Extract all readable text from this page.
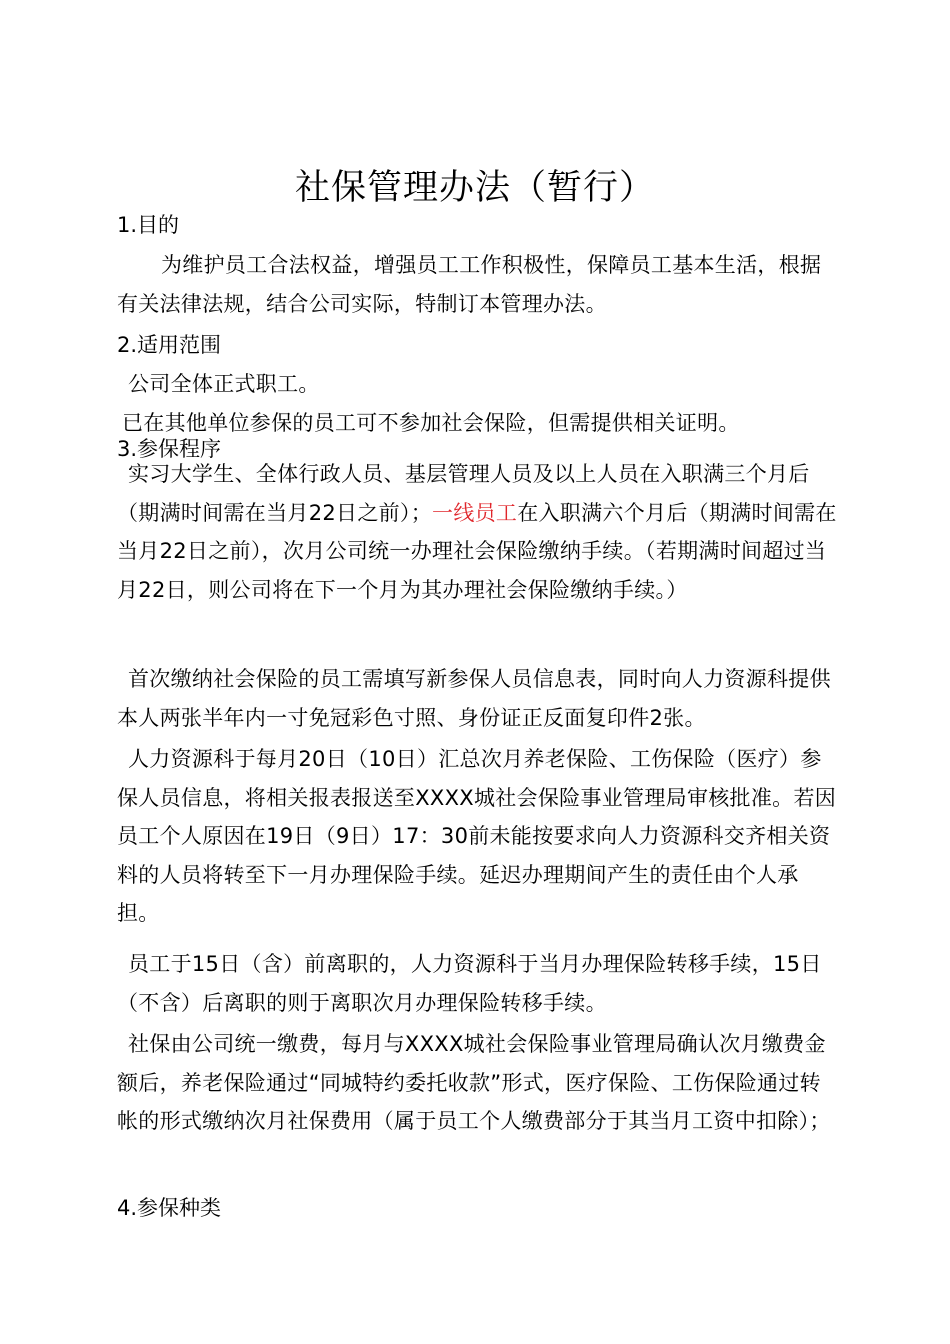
社保管理办法（暂行）
1.目的
为维护员工合法权益，增强员工工作积极性，保障员工基本生活，根据有关法律法规，结合公司实际，特制订本管理办法。
2.适用范围
公司全体正式职工。
已在其他单位参保的员工可不参加社会保险，但需提供相关证明。
3.参保程序
实习大学生、全体行政人员、基层管理人员及以上人员在入职满三个月后（期满时间需在当月22日之前）；一线员工在入职满六个月后（期满时间需在当月22日之前），次月公司统一办理社会保险缴纳手续。（若期满时间超过当月22日，则公司将在下一个月为其办理社会保险缴纳手续。）
首次缴纳社会保险的员工需填写新参保人员信息表，同时向人力资源科提供本人两张半年内一寸免冠彩色寸照、身份证正反面复印件2张。
人力资源科于每月20日（10日）汇总次月养老保险、工伤保险（医疗）参保人员信息，将相关报表报送至XXXX城社会保险事业管理局审核批准。若因员工个人原因在19日（9日）17：30前未能按要求向人力资源科交齐相关资料的人员将转至下一月办理保险手续。延迟办理期间产生的责任由个人承担。
员工于15日（含）前离职的，人力资源科于当月办理保险转移手续，15日（不含）后离职的则于离职次月办理保险转移手续。
社保由公司统一缴费，每月与XXXX城社会保险事业管理局确认次月缴费金额后，养老保险通过“同城特约委托收款”形式，医疗保险、工伤保险通过转帐的形式缴纳次月社保费用（属于员工个人缴费部分于其当月工资中扣除）；
4.参保种类
